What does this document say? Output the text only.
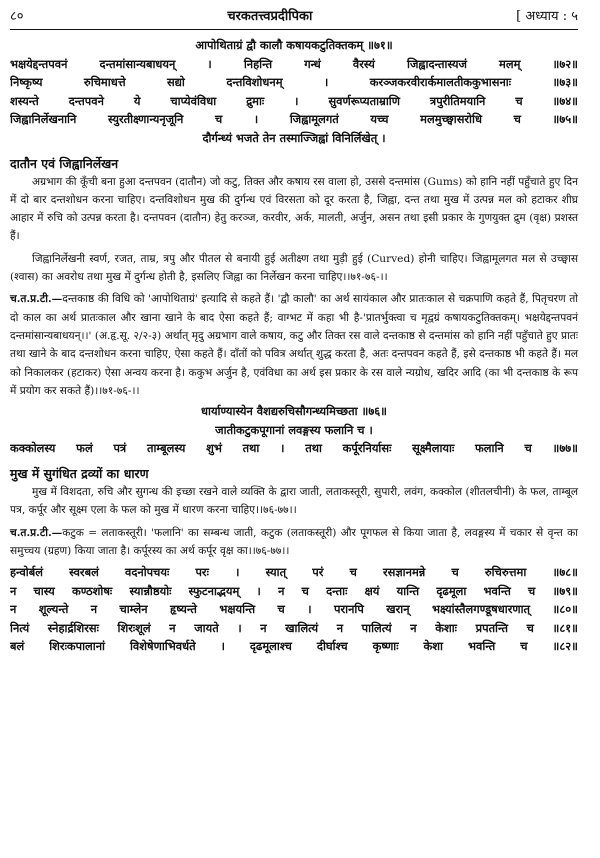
८०	चरकतत्त्वप्रदीपिका	[ अध्याय : ५
आपोथिताग्रं द्वौ कालौ कषायकटुतिक्तकम् ॥७१॥
भक्षयेद्दन्तपवनं दन्तमांसान्यबाधयन् । निहन्ति गन्धं वैरस्यं जिह्वादन्तास्यजं मलम् ॥७२॥
निष्कृष्य रुचिमाधत्ते सद्यो दन्तविशोधनम् । करञ्जकरवीरार्कमालतीककुभासनाः ॥७३॥
शस्यन्ते दन्तपवने ये चाप्येवंविधा द्रुमाः । सुवर्णरूप्यताम्राणि त्रपुरीतिमयानि च ॥७४॥
जिह्वानिर्लेखनानि स्युरतीक्ष्णान्यनृजूनि च । जिह्वामूलगतं यच्च मलमुच्छ्वासरोधि च ॥७५॥
दौर्गन्ध्यं भजते तेन तस्माज्जिह्वां विनिर्लिखेत् ।
दातौन एवं जिह्वानिर्लेखन

अग्रभाग की कूँची बना हुआ दन्तपवन (दातौन) जो कटु, तिक्त और कषाय रस वाला हो, उससे दन्तमांस (Gums) को हानि नहीं पहुँचाते हुए दिन में दो बार दन्तशोधन करना चाहिए। दन्तविशोधन मुख की दुर्गन्ध एवं विरसता को दूर करता है, जिह्वा, दन्त तथा मुख में उत्पन्न मल को हटाकर शीघ्र आहार में रुचि को उत्पन्न करता है। दन्तपवन (दातौन) हेतु करञ्ज, करवीर, अर्क, मालती, अर्जुन, असन तथा इसी प्रकार के गुणयुक्त द्रुम (वृक्ष) प्रशस्त हैं।

जिह्वानिर्लेखनी स्वर्ण, रजत, ताम्र, त्रपु और पीतल से बनायी हुई अतीक्ष्ण तथा मुड़ी हुई (Curved) होनी चाहिए। जिह्वामूलगत मल से उच्छ्वास (श्वास) का अवरोध तथा मुख में दुर्गन्ध होती है, इसलिए जिह्वा का निर्लेखन करना चाहिए।।७१-७६-।।

च.त.प्र.टी.—दन्तकाष्ठ की विधि को 'आपोथिताग्रं' इत्यादि से कहते हैं। 'द्वौ कालौ' का अर्थ सायंकाल और प्रातःकाल से चक्रपाणि कहते हैं, पितृचरण तो दो काल का अर्थ प्रातःकाल और खाना खाने के बाद ऐसा कहते हैं; वाग्भट में कहा भी है-'प्रातर्भुक्त्वा च मृद्वग्रं कषायकटुतिक्तकम्। भक्षयेद्दन्तपवनं दन्तमांसान्यबाधयन्।।' (अ.हृ.सू. २/२-३) अर्थात् मृदु अग्रभाग वाले कषाय, कटु और तिक्त रस वाले दन्तकाष्ठ से दन्तमांस को हानि नहीं पहुँचाते हुए प्रातः तथा खाने के बाद दन्तशोधन करना चाहिए, ऐसा कहते हैं। दाँतों को पवित्र अर्थात् शुद्ध करता है, अतः दन्तपवन कहते हैं, इसे दन्तकाष्ठ भी कहते हैं। मल को निकालकर (हटाकर) ऐसा अन्वय करना है। ककुभ अर्जुन है, एवंविधा का अर्थ इस प्रकार के रस वाले न्यग्रोध, खदिर आदि (का भी दन्तकाष्ठ के रूप में प्रयोग कर सकते हैं)।।७१-७६-।।

धार्याण्यास्येन वैशद्यरुचिसौगन्ध्यमिच्छता ॥७६॥
जातीकटुकपूगानां लवङ्गस्य फलानि च ।
कक्कोलस्य फलं पत्रं ताम्बूलस्य शुभं तथा । तथा कर्पूरनिर्यासः सूक्ष्मैलायाः फलानि च ॥७७॥
मुख में सुगंधित द्रव्यों का धारण

मुख में विशदता, रुचि और सुगन्ध की इच्छा रखने वाले व्यक्ति के द्वारा जाती, लताकस्तूरी, सुपारी, लवंग, कक्कोल (शीतलचीनी) के फल, ताम्बूल पत्र, कर्पूर और सूक्ष्म एला के फल को मुख में धारण करना चाहिए।।७६-७७।।

च.त.प्र.टी.—कटुक = लताकस्तूरी। 'फलानि' का सम्बन्ध जाती, कटुक (लताकस्तूरी) और पूगफल से किया जाता है, लवङ्गस्य में चकार से वृन्त का समुच्चय (ग्रहण) किया जाता है। कर्पूरस्य का अर्थ कर्पूर वृक्ष का।।७६-७७।।

हन्वोर्बलं स्वरबलं वदनोपचयः परः । स्यात् परं च रसज्ञानमन्ने च रुचिरुत्तमा ॥७८॥
न चास्य कण्ठशोषः स्यान्नौष्ठयोः स्फुटनाद्भयम् । न च दन्ताः क्षयं यान्ति दृढमूला भवन्ति च ॥७९॥
न शूल्यन्ते न चाम्लेन हृष्यन्ते भक्षयन्ति च । परानपि खरान् भक्ष्यांस्तैलगण्डूषधारणात् ॥८०॥
नित्यं स्नेहार्द्रशिरसः शिरःशूलं न जायते । न खालित्यं न पालित्यं न केशाः प्रपतन्ति च ॥८१॥
बलं शिरःकपालानां विशेषेणाभिवर्धते । दृढमूलाश्च दीर्घाश्च कृष्णाः केशा भवन्ति च ॥८२॥
